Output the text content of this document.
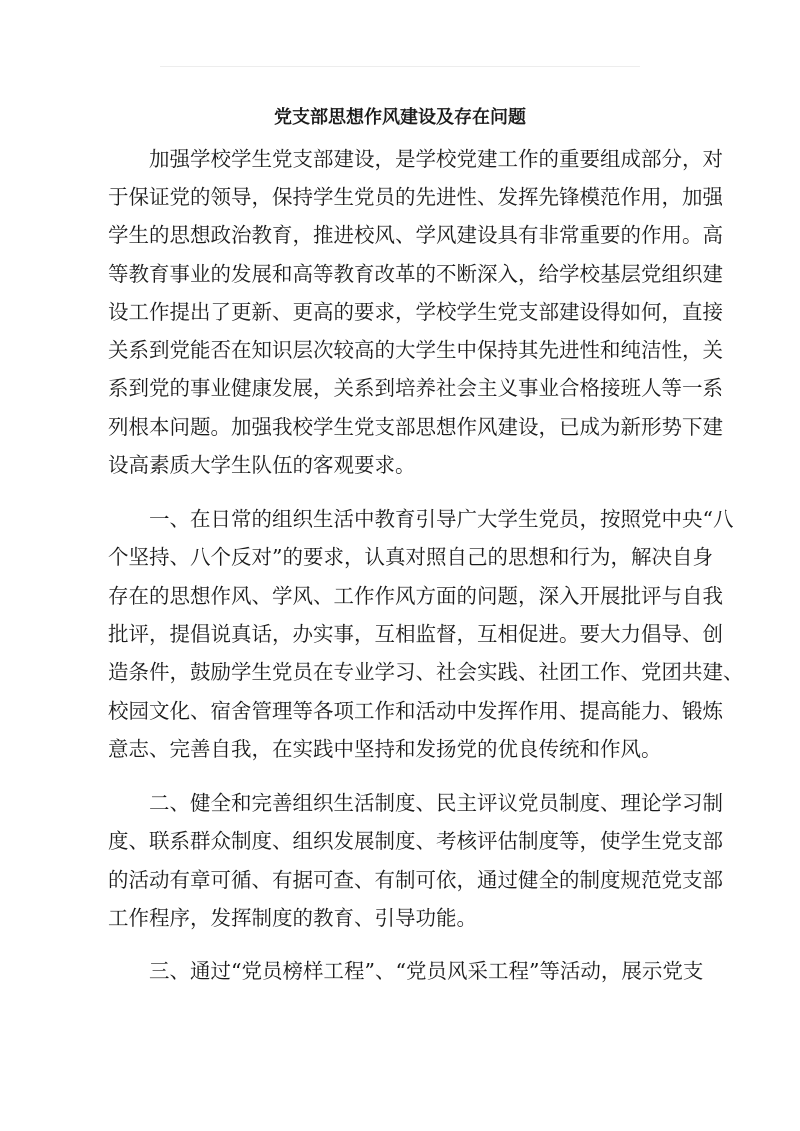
党支部思想作风建设及存在问题

加强学校学生党支部建设，是学校党建工作的重要组成部分，对

于保证党的领导，保持学生党员的先进性、发挥先锋模范作用，加强

学生的思想政治教育，推进校风、学风建设具有非常重要的作用。高

等教育事业的发展和高等教育改革的不断深入，给学校基层党组织建

设工作提出了更新、更高的要求，学校学生党支部建设得如何，直接

关系到党能否在知识层次较高的大学生中保持其先进性和纯洁性，关

系到党的事业健康发展，关系到培养社会主义事业合格接班人等一系

列根本问题。加强我校学生党支部思想作风建设，已成为新形势下建

设高素质大学生队伍的客观要求。

一、在日常的组织生活中教育引导广大学生党员，按照党中央“八

个坚持、八个反对”的要求，认真对照自己的思想和行为，解决自身

存在的思想作风、学风、工作作风方面的问题，深入开展批评与自我

批评，提倡说真话，办实事，互相监督，互相促进。要大力倡导、创

造条件，鼓励学生党员在专业学习、社会实践、社团工作、党团共建、

校园文化、宿舍管理等各项工作和活动中发挥作用、提高能力、锻炼

意志、完善自我，在实践中坚持和发扬党的优良传统和作风。

二、健全和完善组织生活制度、民主评议党员制度、理论学习制

度、联系群众制度、组织发展制度、考核评估制度等，使学生党支部

的活动有章可循、有据可查、有制可依，通过健全的制度规范党支部

工作程序，发挥制度的教育、引导功能。

三、通过“党员榜样工程”、“党员风采工程”等活动，展示党支
